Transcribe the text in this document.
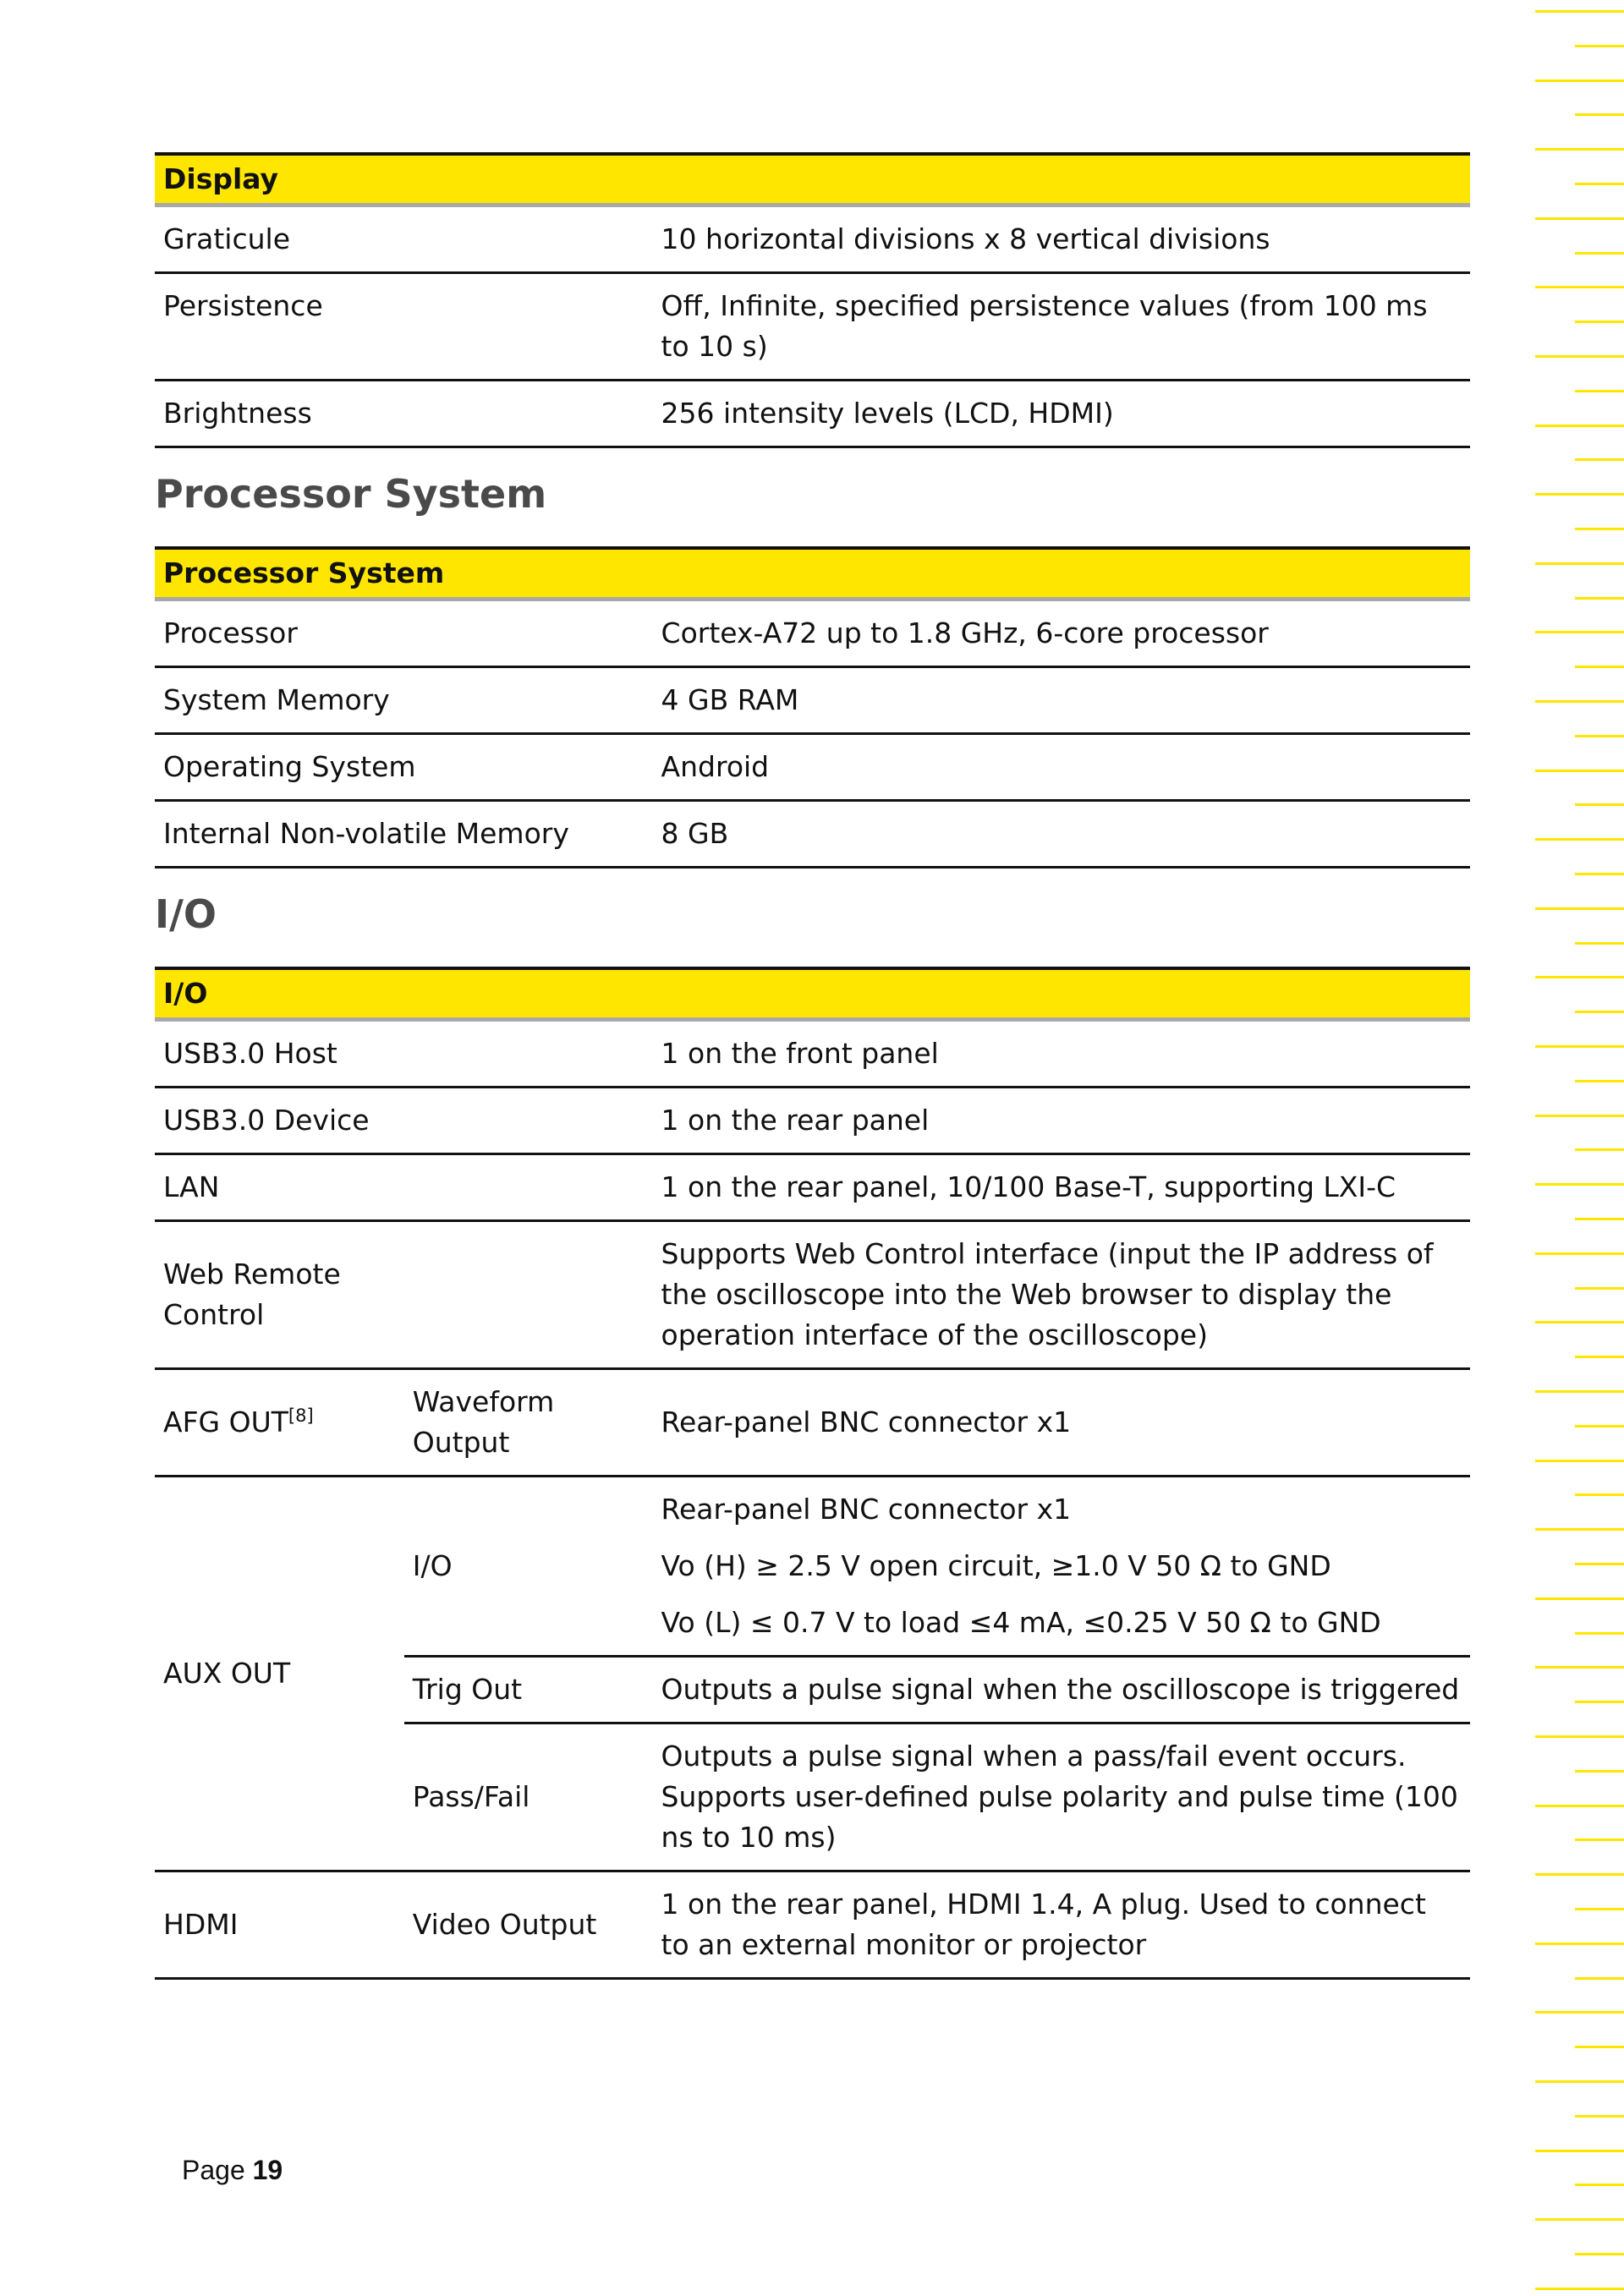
Display	
Graticule	10 horizontal divisions x 8 vertical divisions
Persistence	Off, Infinite, specified persistence values (from 100 ms to 10 s)
Brightness	256 intensity levels (LCD, HDMI)
Processor System
Processor System	
Processor	Cortex-A72 up to 1.8 GHz, 6-core processor
System Memory	4 GB RAM
Operating System	Android
Internal Non-volatile Memory	8 GB
I/O
I/O		
USB3.0 Host		1 on the front panel
USB3.0 Device		1 on the rear panel
LAN		1 on the rear panel, 10/100 Base-T, supporting LXI-C

Web Remote Control		Supports Web Control interface (input the IP address of the oscilloscope into the Web browser to display the operation interface of the oscilloscope)
AFG OUT[8]	Waveform Output	Rear-panel BNC connector x1
AUX OUT	I/O	Rear-panel BNC connector x1
Vo (H) ≥ 2.5 V open circuit, ≥1.0 V 50 Ω to GND
Vo (L) ≤ 0.7 V to load ≤4 mA, ≤0.25 V 50 Ω to GND

	Trig Out	Outputs a pulse signal when the oscilloscope is triggered
	Pass/Fail	Outputs a pulse signal when a pass/fail event occurs. Supports user-defined pulse polarity and pulse time (100 ns to 10 ms)
HDMI	Video Output	1 on the rear panel, HDMI 1.4, A plug. Used to connect to an external monitor or projector
Page 19
